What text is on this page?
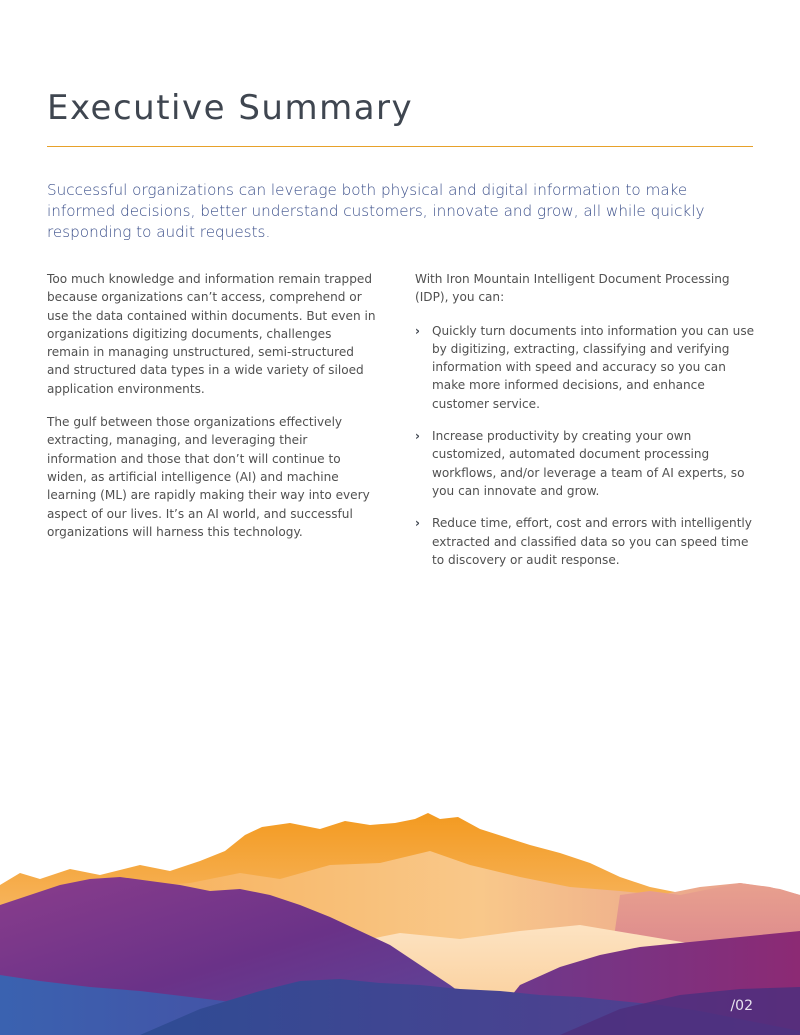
Executive Summary

Successful organizations can leverage both physical and digital information to make informed decisions, better understand customers, innovate and grow, all while quickly responding to audit requests.

Too much knowledge and information remain trapped because organizations can’t access, comprehend or use the data contained within documents. But even in organizations digitizing documents, challenges remain in managing unstructured, semi-structured and structured data types in a wide variety of siloed application environments.

The gulf between those organizations effectively extracting, managing, and leveraging their information and those that don’t will continue to widen, as artificial intelligence (AI) and machine learning (ML) are rapidly making their way into every aspect of our lives. It’s an AI world, and successful organizations will harness this technology.

With Iron Mountain Intelligent Document Processing (IDP), you can:

› Quickly turn documents into information you can use by digitizing, extracting, classifying and verifying information with speed and accuracy so you can make more informed decisions, and enhance customer service.
› Increase productivity by creating your own customized, automated document processing workflows, and/or leverage a team of AI experts, so you can innovate and grow.
› Reduce time, effort, cost and errors with intelligently extracted and classified data so you can speed time to discovery or audit response.
/02
